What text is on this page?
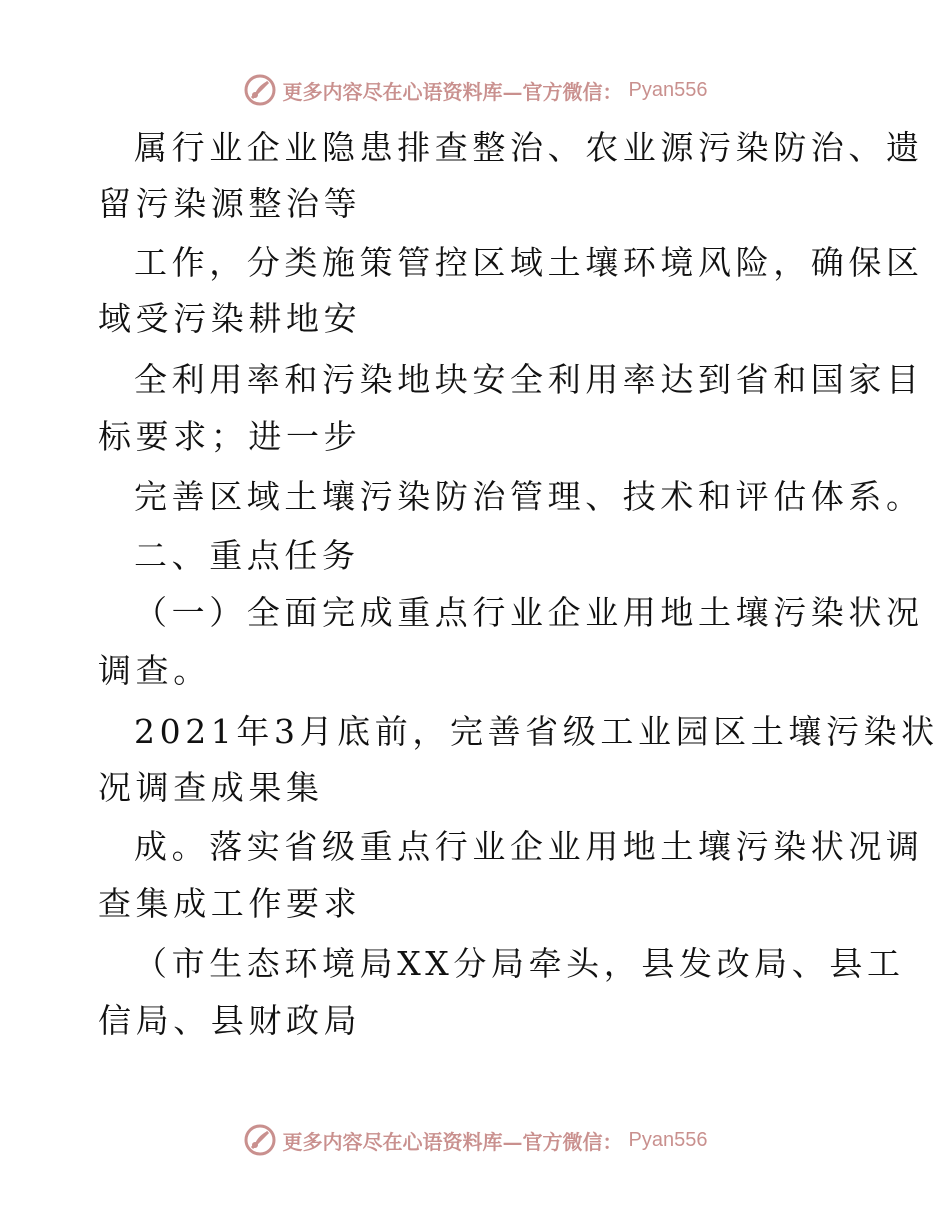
更多内容尽在心语资料库—官方微信： Pyan556
属行业企业隐患排查整治、农业源污染防治、遗
留污染源整治等
工作，分类施策管控区域土壤环境风险，确保区
域受污染耕地安
全利用率和污染地块安全利用率达到省和国家目
标要求；进一步
完善区域土壤污染防治管理、技术和评估体系。
二、重点任务
（一）全面完成重点行业企业用地土壤污染状况
调查。
2021年3月底前，完善省级工业园区土壤污染状
况调查成果集
成。落实省级重点行业企业用地土壤污染状况调
查集成工作要求
（市生态环境局XX分局牵头，县发改局、县工
信局、县财政局
更多内容尽在心语资料库—官方微信： Pyan556
